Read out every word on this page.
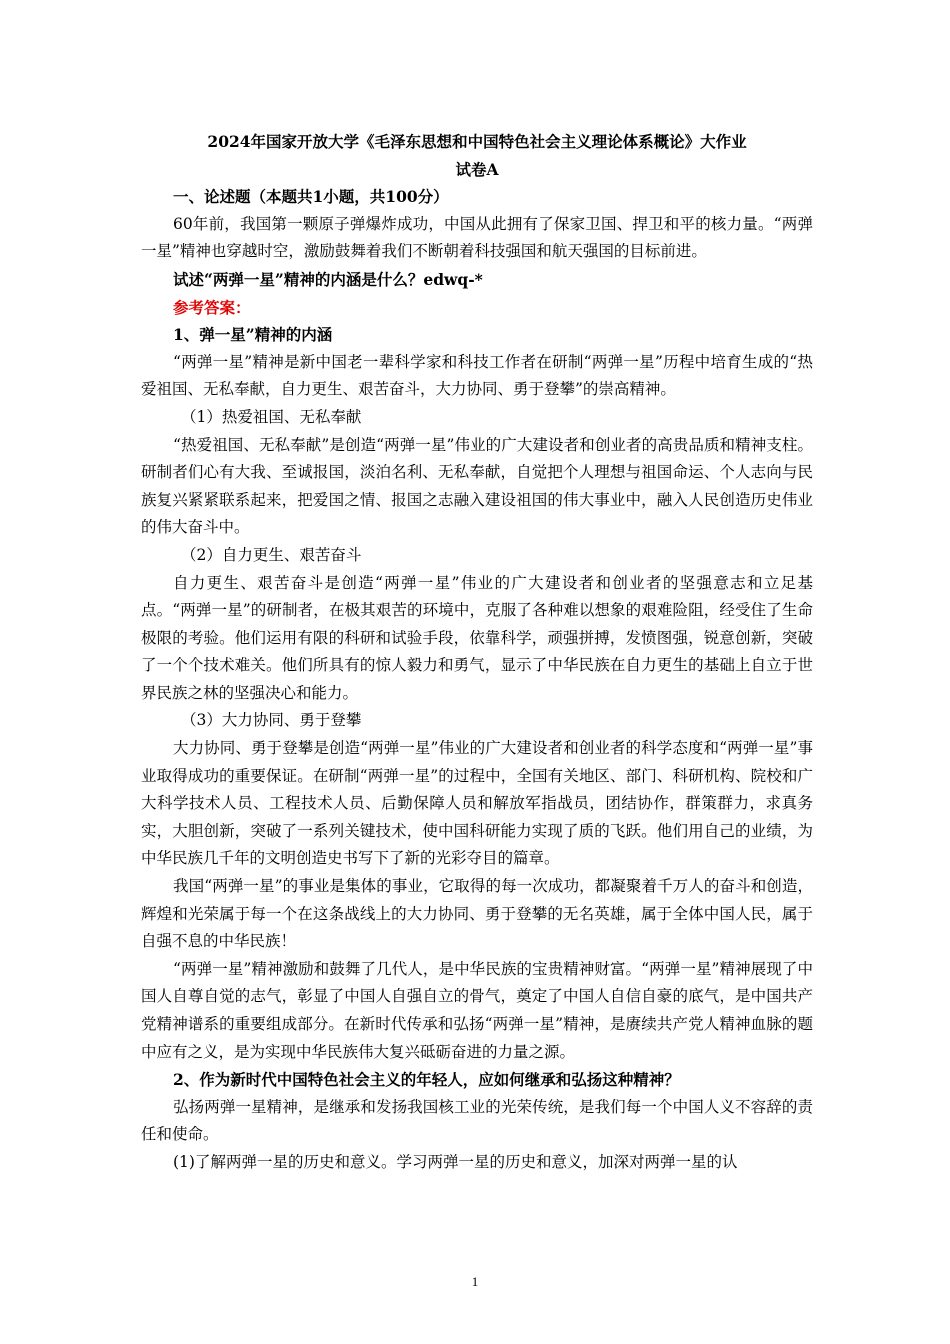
2024年国家开放大学《毛泽东思想和中国特色社会主义理论体系概论》大作业

试卷A

一、论述题（本题共1小题，共100分）

60年前，我国第一颗原子弹爆炸成功，中国从此拥有了保家卫国、捍卫和平的核力量。“两弹一星”精神也穿越时空，激励鼓舞着我们不断朝着科技强国和航天强国的目标前进。

试述“两弹一星”精神的内涵是什么？edwq-*

参考答案：

1、弹一星”精神的内涵

“两弹一星”精神是新中国老一辈科学家和科技工作者在研制“两弹一星”历程中培育生成的“热爱祖国、无私奉献，自力更生、艰苦奋斗，大力协同、勇于登攀”的崇高精神。

（1）热爱祖国、无私奉献

“热爱祖国、无私奉献”是创造“两弹一星”伟业的广大建设者和创业者的高贵品质和精神支柱。研制者们心有大我、至诚报国，淡泊名利、无私奉献，自觉把个人理想与祖国命运、个人志向与民族复兴紧紧联系起来，把爱国之情、报国之志融入建设祖国的伟大事业中，融入人民创造历史伟业的伟大奋斗中。

（2）自力更生、艰苦奋斗

自力更生、艰苦奋斗是创造“两弹一星”伟业的广大建设者和创业者的坚强意志和立足基点。“两弹一星”的研制者，在极其艰苦的环境中，克服了各种难以想象的艰难险阻，经受住了生命极限的考验。他们运用有限的科研和试验手段，依靠科学，顽强拼搏，发愤图强，锐意创新，突破了一个个技术难关。他们所具有的惊人毅力和勇气，显示了中华民族在自力更生的基础上自立于世界民族之林的坚强决心和能力。

（3）大力协同、勇于登攀

大力协同、勇于登攀是创造“两弹一星”伟业的广大建设者和创业者的科学态度和“两弹一星”事业取得成功的重要保证。在研制“两弹一星”的过程中，全国有关地区、部门、科研机构、院校和广大科学技术人员、工程技术人员、后勤保障人员和解放军指战员，团结协作，群策群力，求真务实，大胆创新，突破了一系列关键技术，使中国科研能力实现了质的飞跃。他们用自己的业绩，为中华民族几千年的文明创造史书写下了新的光彩夺目的篇章。

我国“两弹一星”的事业是集体的事业，它取得的每一次成功，都凝聚着千万人的奋斗和创造，辉煌和光荣属于每一个在这条战线上的大力协同、勇于登攀的无名英雄，属于全体中国人民，属于自强不息的中华民族！

“两弹一星”精神激励和鼓舞了几代人，是中华民族的宝贵精神财富。“两弹一星”精神展现了中国人自尊自觉的志气，彰显了中国人自强自立的骨气，奠定了中国人自信自豪的底气，是中国共产党精神谱系的重要组成部分。在新时代传承和弘扬“两弹一星”精神，是赓续共产党人精神血脉的题中应有之义，是为实现中华民族伟大复兴砥砺奋进的力量之源。

2、作为新时代中国特色社会主义的年轻人，应如何继承和弘扬这种精神？

弘扬两弹一星精神，是继承和发扬我国核工业的光荣传统，是我们每一个中国人义不容辞的责任和使命。

(1)了解两弹一星的历史和意义。学习两弹一星的历史和意义，加深对两弹一星的认

1
